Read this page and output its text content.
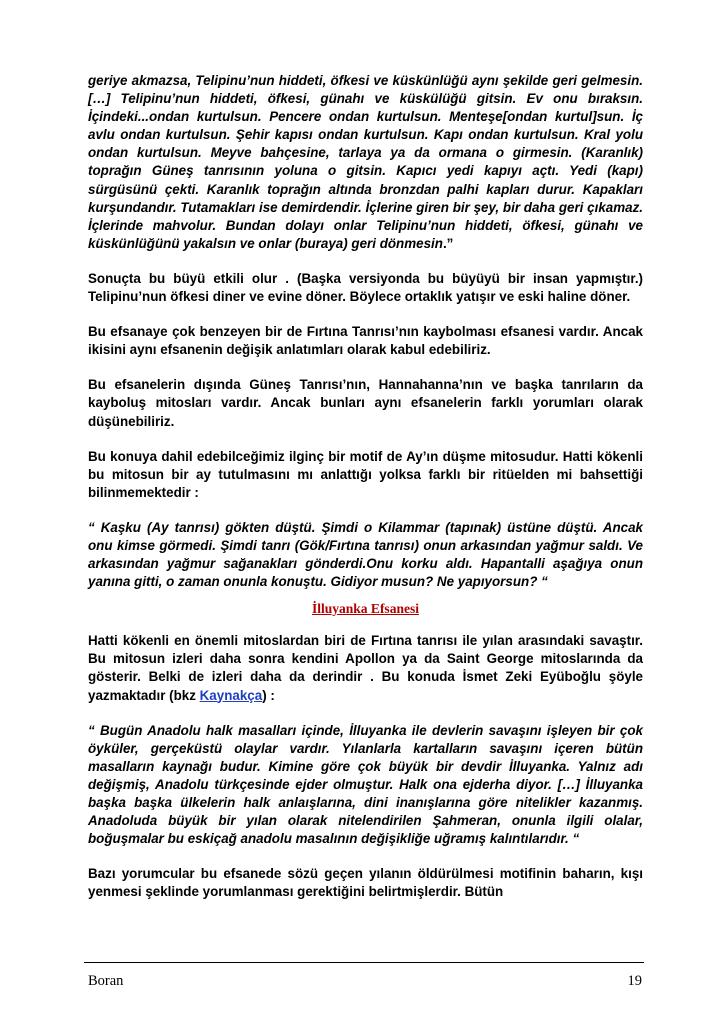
geriye akmazsa, Telipinu’nun hiddeti, öfkesi ve küskünlüğü aynı şekilde geri gelmesin. […] Telipinu’nun hiddeti, öfkesi, günahı ve küskülüğü gitsin. Ev onu bıraksın. İçindeki...ondan kurtulsun. Pencere ondan kurtulsun. Menteşe[ondan kurtul]sun. İç avlu ondan kurtulsun. Şehir kapısı ondan kurtulsun. Kapı ondan kurtulsun. Kral yolu ondan kurtulsun. Meyve bahçesine, tarlaya ya da ormana o girmesin. (Karanlık) toprağın Güneş tanrısının yoluna o gitsin. Kapıcı yedi kapıyı açtı. Yedi (kapı) sürgüsünü çekti. Karanlık toprağın altında bronzdan palhi kapları durur. Kapakları kurşundandır. Tutamakları ise demirdendir. İçlerine giren bir şey, bir daha geri çıkamaz. İçlerinde mahvolur. Bundan dolayı onlar Telipinu’nun hiddeti, öfkesi, günahı ve küskünlüğünü yakalsın ve onlar (buraya) geri dönmesin.”

Sonuçta bu büyü etkili olur . (Başka versiyonda bu büyüyü bir insan yapmıştır.) Telipinu’nun öfkesi diner ve evine döner. Böylece ortaklık yatışır ve eski haline döner.

Bu efsanaye çok benzeyen bir de Fırtına Tanrısı’nın kaybolması efsanesi vardır. Ancak ikisini aynı efsanenin değişik anlatımları olarak kabul edebiliriz.

Bu efsanelerin dışında Güneş Tanrısı’nın, Hannahanna’nın ve başka tanrıların da kayboluş mitosları vardır. Ancak bunları aynı efsanelerin farklı yorumları olarak düşünebiliriz.

Bu konuya dahil edebilceğimiz ilginç bir motif de Ay’ın düşme mitosudur. Hatti kökenli bu mitosun bir ay tutulmasını mı anlattığı yolksa farklı bir ritüelden mi bahsettiği bilinmemektedir :

“ Kaşku (Ay tanrısı) gökten düştü. Şimdi o Kilammar (tapınak) üstüne düştü. Ancak onu kimse görmedi. Şimdi tanrı (Gök/Fırtına tanrısı) onun arkasından yağmur saldı. Ve arkasından yağmur sağanakları gönderdi.Onu korku aldı. Hapantalli aşağıya onun yanına gitti, o zaman onunla konuştu. Gidiyor musun? Ne yapıyorsun? “

İlluyanka Efsanesi

Hatti kökenli en önemli mitoslardan biri de Fırtına tanrısı ile yılan arasındaki savaştır. Bu mitosun izleri daha sonra kendini Apollon ya da Saint George mitoslarında da gösterir. Belki de izleri daha da derindir . Bu konuda İsmet Zeki Eyüboğlu şöyle yazmaktadır (bkz Kaynakça) :

“ Bugün Anadolu halk masalları içinde, İlluyanka ile devlerin savaşını işleyen bir çok öyküler, gerçeküstü olaylar vardır. Yılanlarla kartalların savaşını içeren bütün masalların kaynağı budur. Kimine göre çok büyük bir devdir İlluyanka. Yalnız adı değişmiş, Anadolu türkçesinde ejder olmuştur. Halk ona ejderha diyor. […] İlluyanka başka başka ülkelerin halk anlaışlarına, dini inanışlarına göre nitelikler kazanmış. Anadoluda büyük bir yılan olarak nitelendirilen Şahmeran, onunla ilgili olalar, boğuşmalar bu eskiçağ anadolu masalının değişikliğe uğramış kalıntılarıdır. “

Bazı yorumcular bu efsanede sözü geçen yılanın öldürülmesi motifinin baharın, kışı yenmesi şeklinde yorumlanması gerektiğini belirtmişlerdir. Bütün

Boran	19
